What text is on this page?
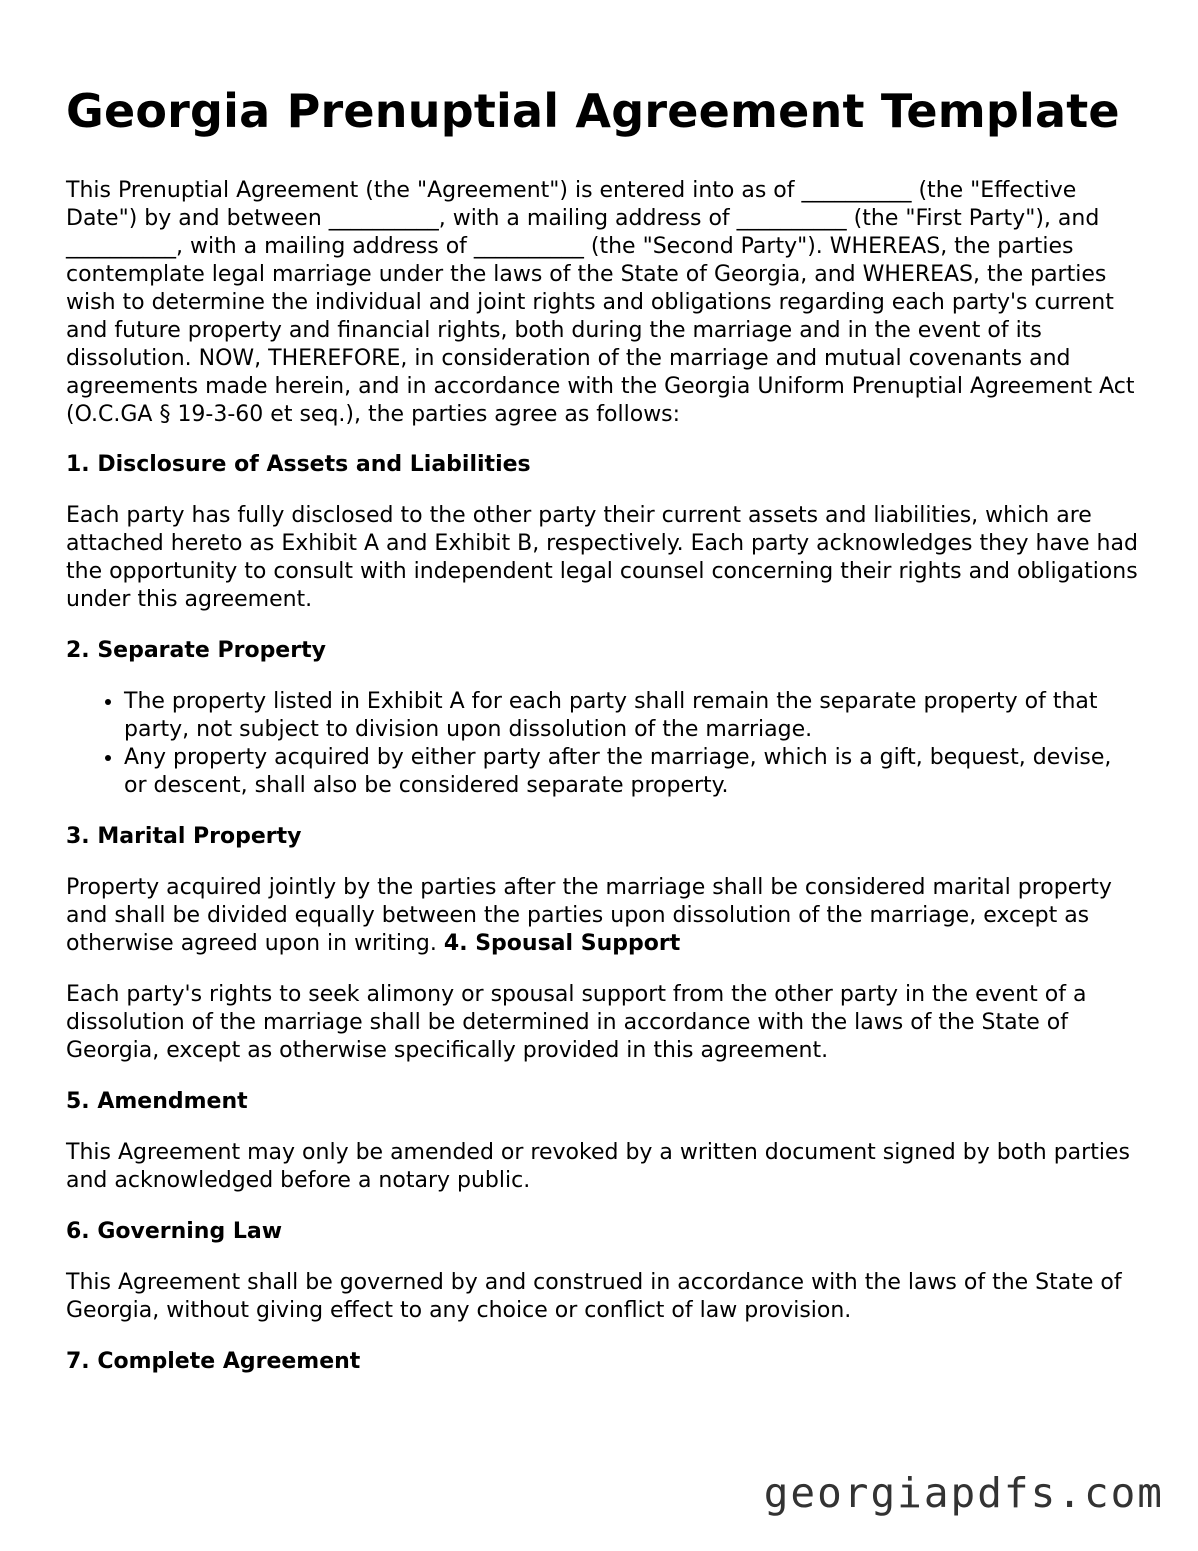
Georgia Prenuptial Agreement Template

This Prenuptial Agreement (the "Agreement") is entered into as of __________ (the "Effective Date") by and between __________, with a mailing address of __________ (the "First Party"), and __________, with a mailing address of __________ (the "Second Party"). WHEREAS, the parties contemplate legal marriage under the laws of the State of Georgia, and WHEREAS, the parties wish to determine the individual and joint rights and obligations regarding each party's current and future property and financial rights, both during the marriage and in the event of its dissolution. NOW, THEREFORE, in consideration of the marriage and mutual covenants and agreements made herein, and in accordance with the Georgia Uniform Prenuptial Agreement Act (O.C.GA § 19-3-60 et seq.), the parties agree as follows:

1. Disclosure of Assets and Liabilities

Each party has fully disclosed to the other party their current assets and liabilities, which are attached hereto as Exhibit A and Exhibit B, respectively. Each party acknowledges they have had the opportunity to consult with independent legal counsel concerning their rights and obligations under this agreement.

2. Separate Property
• The property listed in Exhibit A for each party shall remain the separate property of that party, not subject to division upon dissolution of the marriage.
• Any property acquired by either party after the marriage, which is a gift, bequest, devise, or descent, shall also be considered separate property.
3. Marital Property

Property acquired jointly by the parties after the marriage shall be considered marital property and shall be divided equally between the parties upon dissolution of the marriage, except as otherwise agreed upon in writing. 4. Spousal Support

Each party's rights to seek alimony or spousal support from the other party in the event of a dissolution of the marriage shall be determined in accordance with the laws of the State of Georgia, except as otherwise specifically provided in this agreement.

5. Amendment

This Agreement may only be amended or revoked by a written document signed by both parties and acknowledged before a notary public.

6. Governing Law

This Agreement shall be governed by and construed in accordance with the laws of the State of Georgia, without giving effect to any choice or conflict of law provision.

7. Complete Agreement
georgiapdfs.com
